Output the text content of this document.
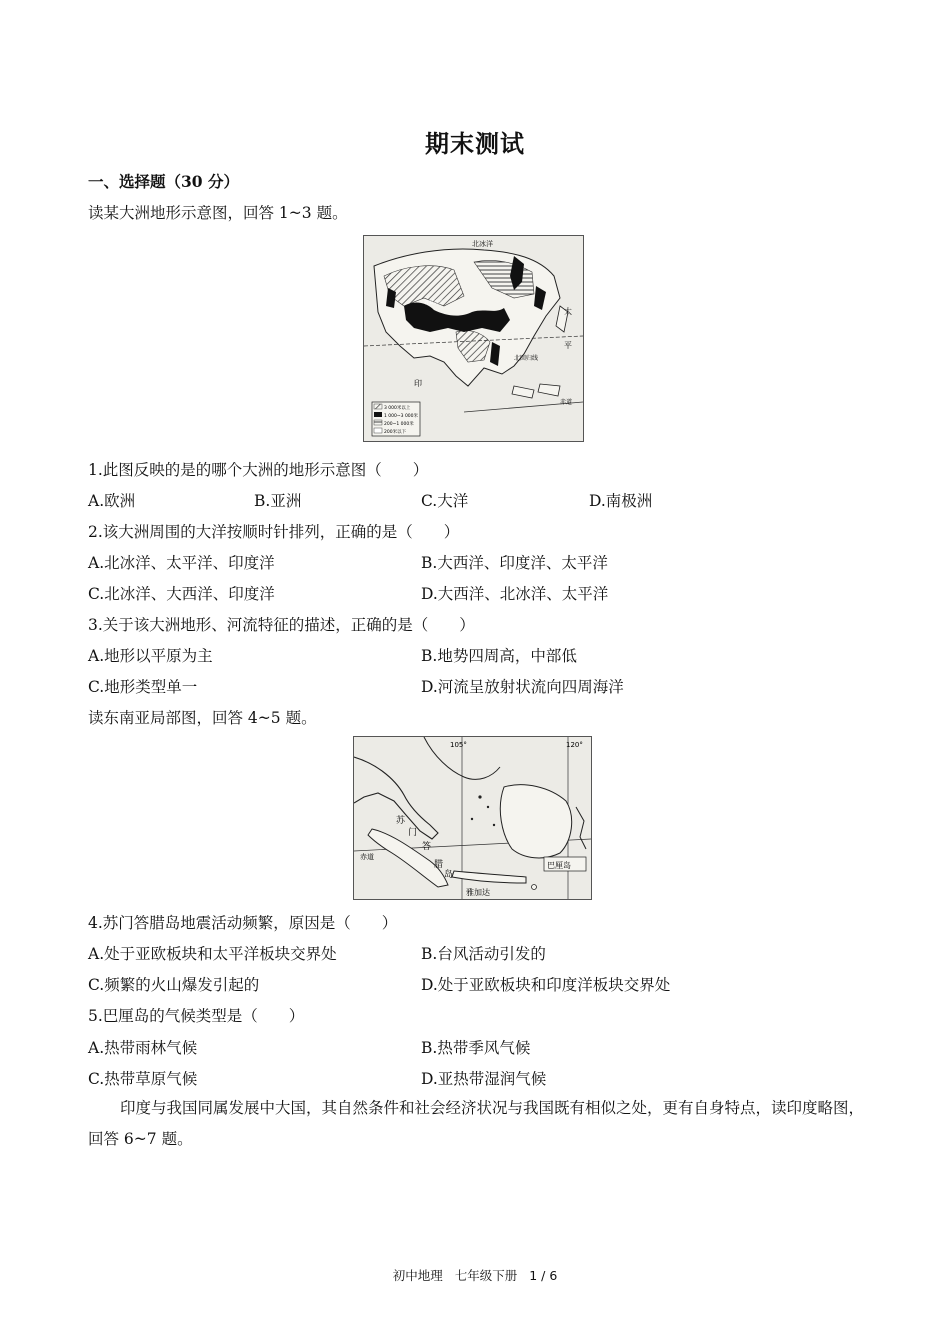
期末测试
一、选择题（30 分）
读某大洲地形示意图，回答 1~3 题。
北冰洋
太
平
印
北回归线
赤道
青藏高原
3 000米以上
1 000~3 000米
200~1 000米
200米以下
1.此图反映的是的哪个大洲的地形示意图（　　）
A.欧洲	B.亚洲	C.大洋	D.南极洲
2.该大洲周围的大洋按顺时针排列，正确的是（　　）
A.北冰洋、太平洋、印度洋	B.大西洋、印度洋、太平洋
C.北冰洋、大西洋、印度洋	D.大西洋、北冰洋、太平洋
3.关于该大洲地形、河流特征的描述，正确的是（　　）
A.地形以平原为主	B.地势四周高，中部低
C.地形类型单一	D.河流呈放射状流向四周海洋
读东南亚局部图，回答 4~5 题。
105°	120°
苏
门
答
腊
岛
赤道
雅加达
巴厘岛
4.苏门答腊岛地震活动频繁，原因是（　　）
A.处于亚欧板块和太平洋板块交界处	B.台风活动引发的
C.频繁的火山爆发引起的	D.处于亚欧板块和印度洋板块交界处
5.巴厘岛的气候类型是（　　）
A.热带雨林气候	B.热带季风气候
C.热带草原气候	D.亚热带湿润气候
印度与我国同属发展中大国，其自然条件和社会经济状况与我国既有相似之处，更有自身特点，读印度略图，回答 6~7 题。
初中地理 七年级下册 1 / 6
